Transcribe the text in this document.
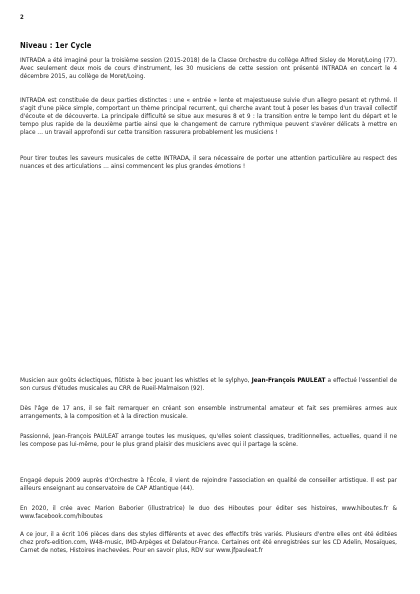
2
Niveau : 1er Cycle

INTRADA a été imaginé pour la troisième session (2015-2018) de la Classe Orchestre du collège Alfred Sisley de Moret/Loing (77). Avec seulement deux mois de cours d'instrument, les 30 musiciens de cette session ont présenté INTRADA en concert le 4 décembre 2015, au collège de Moret/Loing.

INTRADA est constituée de deux parties distinctes : une « entrée » lente et majestueuse suivie d'un allegro pesant et rythmé. Il s'agit d'une pièce simple, comportant un thème principal recurrent, qui cherche avant tout à poser les bases d'un travail collectif d'écoute et de découverte. La principale difficulté se situe aux mesures 8 et 9 : la transition entre le tempo lent du départ et le tempo plus rapide de la deuxième partie ainsi que le changement de carrure rythmique peuvent s'avérer délicats à mettre en place … un travail approfondi sur cette transition rassurera probablement les musiciens !

Pour tirer toutes les saveurs musicales de cette INTRADA, il sera nécessaire de porter une attention particulière au respect des nuances et des articulations … ainsi commencent les plus grandes émotions !

Musicien aux goûts éclectiques, flûtiste à bec jouant les whistles et le sylphyo, Jean-François PAULEAT a effectué l'essentiel de son cursus d'études musicales au CRR de Rueil-Malmaison (92).

Dès l'âge de 17 ans, il se fait remarquer en créant son ensemble instrumental amateur et fait ses premières armes aux arrangements, à la composition et à la direction musicale.

Passionné, Jean-François PAULEAT arrange toutes les musiques, qu'elles soient classiques, traditionnelles, actuelles, quand il ne les compose pas lui-même, pour le plus grand plaisir des musiciens avec qui il partage la scène.

Engagé depuis 2009 auprès d'Orchestre à l'École, il vient de rejoindre l'association en qualité de conseiller artistique. Il est par ailleurs enseignant au conservatoire de CAP Atlantique (44).

En 2020, il crée avec Marion Baborier (illustratrice) le duo des Hiboutes pour éditer ses histoires, www.hiboutes.fr & www.facebook.com/hiboutes

A ce jour, il a écrit 106 pièces dans des styles différents et avec des effectifs très variés. Plusieurs d'entre elles ont été éditées chez profs-edition.com, W48-music, IMD-Arpèges et Delatour-France. Certaines ont été enregistrées sur les CD Adelin, Mosaïques, Carnet de notes, Histoires inachevées. Pour en savoir plus, RDV sur www.jfpauleat.fr
